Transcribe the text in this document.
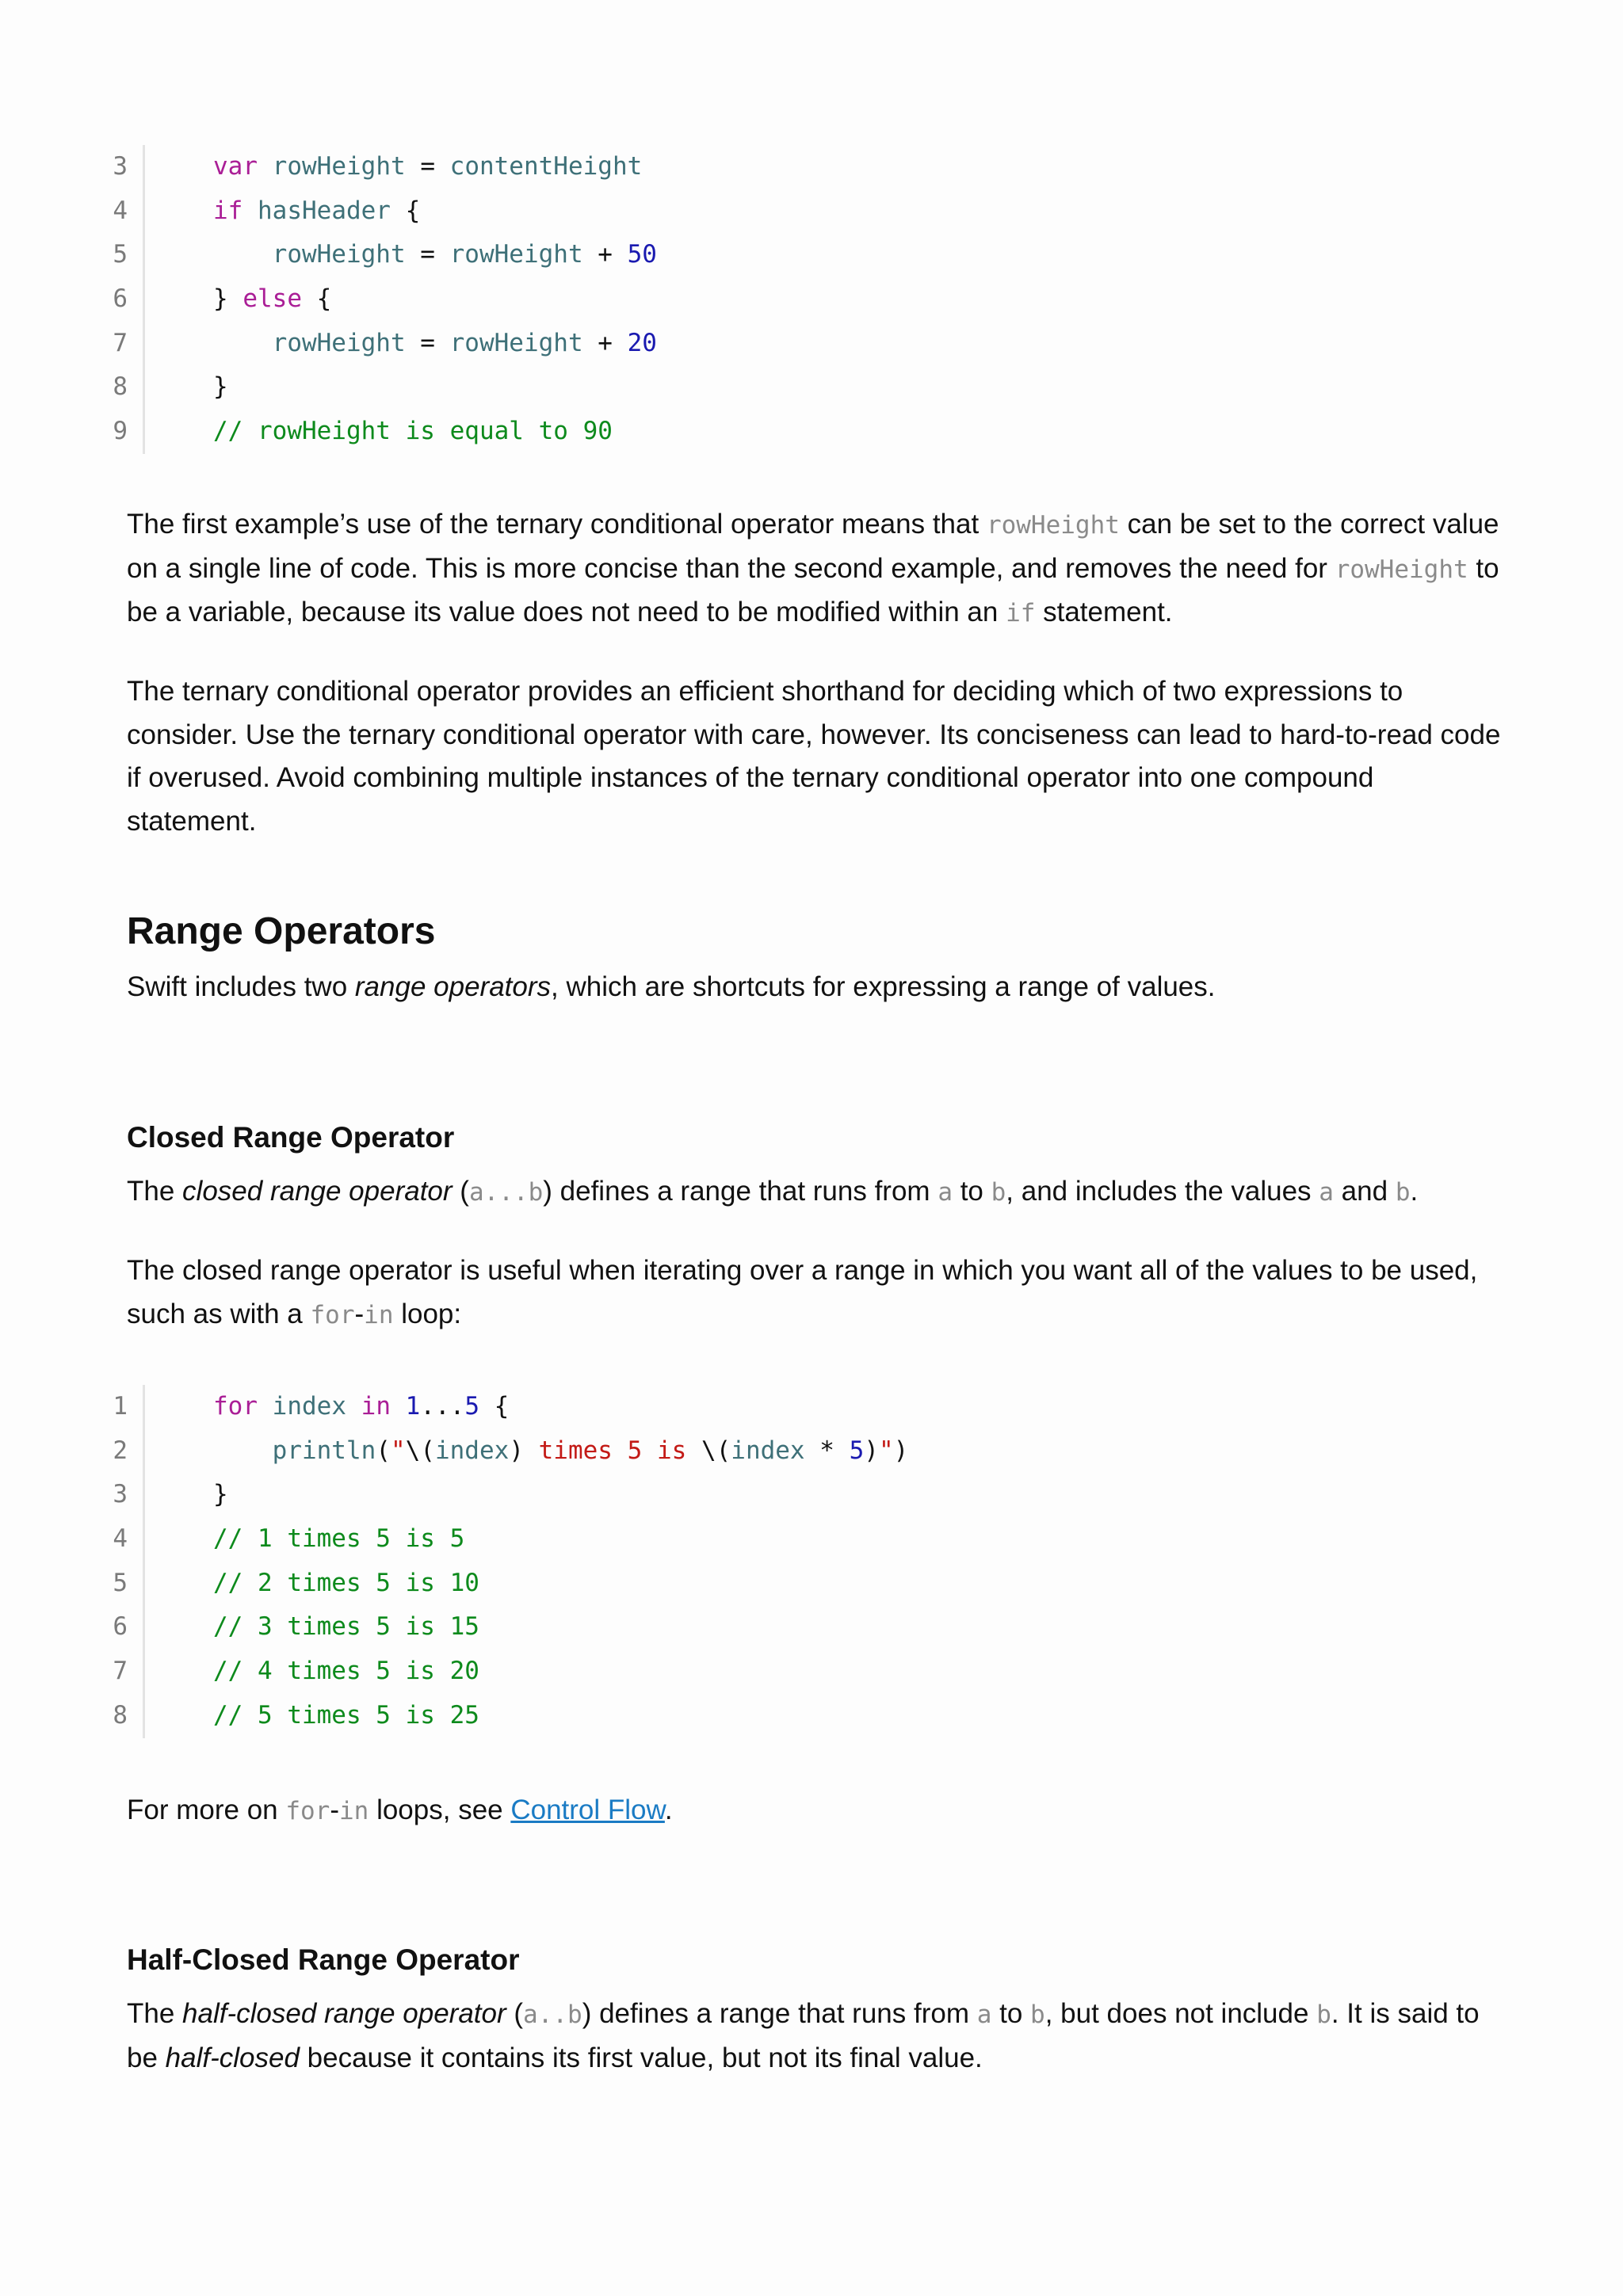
3	var rowHeight = contentHeight
4	if hasHeader {
5	rowHeight = rowHeight + 50
6	} else {
7	rowHeight = rowHeight + 20
8	}
9	// rowHeight is equal to 90

The first example’s use of the ternary conditional operator means that rowHeight can be set to the correct value on a single line of code. This is more concise than the second example, and removes the need for rowHeight to be a variable, because its value does not need to be modified within an if statement.

The ternary conditional operator provides an efficient shorthand for deciding which of two expressions to consider. Use the ternary conditional operator with care, however. Its conciseness can lead to hard-to-read code if overused. Avoid combining multiple instances of the ternary conditional operator into one compound statement.

Range Operators

Swift includes two range operators, which are shortcuts for expressing a range of values.

Closed Range Operator

The closed range operator (a...b) defines a range that runs from a to b, and includes the values a and b.

The closed range operator is useful when iterating over a range in which you want all of the values to be used, such as with a for-in loop:

1	for index in 1...5 {
2	println("\(index) times 5 is \(index * 5)")
3	}
4	// 1 times 5 is 5
5	// 2 times 5 is 10
6	// 3 times 5 is 15
7	// 4 times 5 is 20
8	// 5 times 5 is 25

For more on for-in loops, see Control Flow.

Half-Closed Range Operator

The half-closed range operator (a..b) defines a range that runs from a to b, but does not include b. It is said to be half-closed because it contains its first value, but not its final value.
